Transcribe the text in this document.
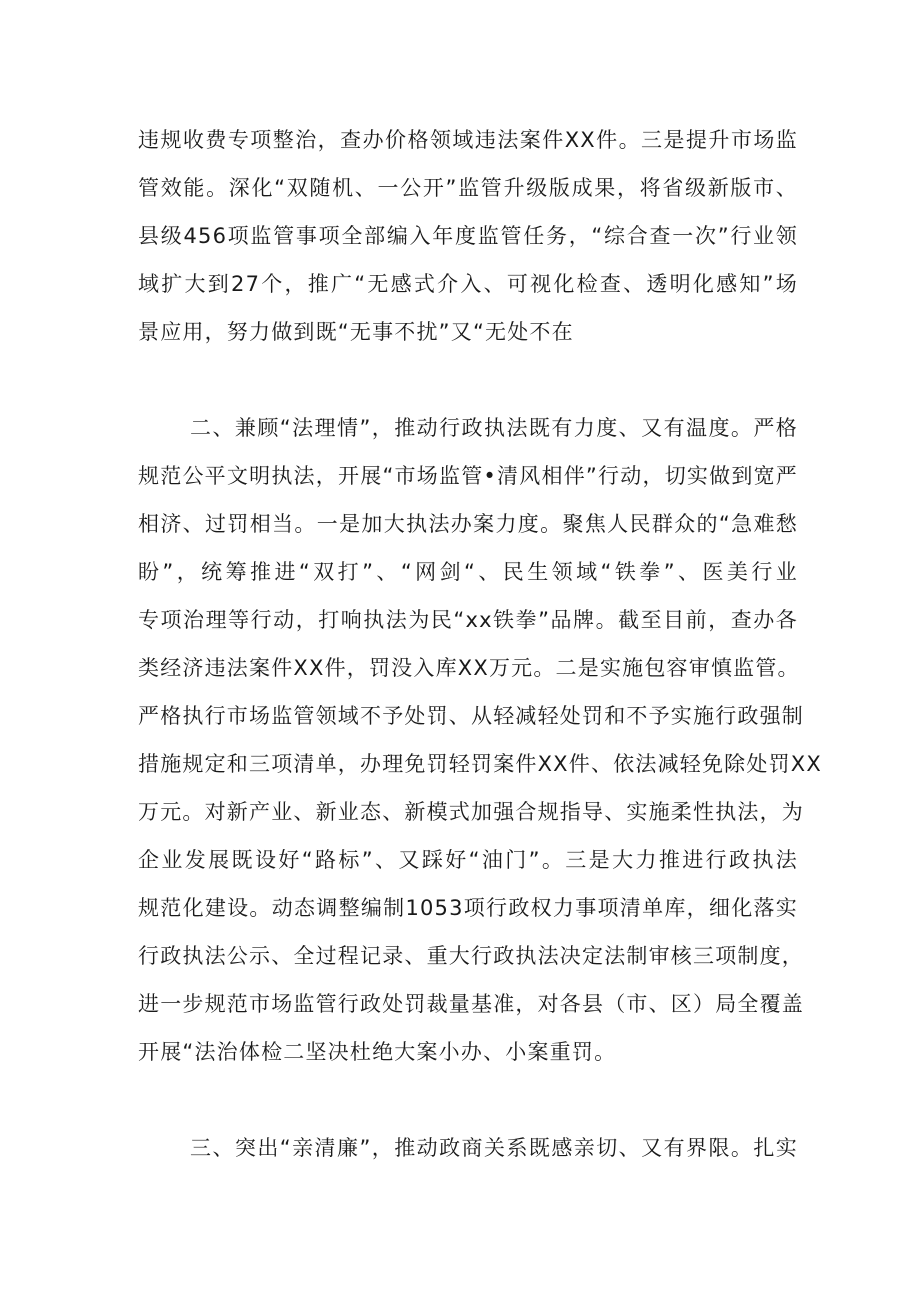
违规收费专项整治，查办价格领域违法案件XX件。三是提升市场监
管效能。深化“双随机、一公开”监管升级版成果，将省级新版市、
县级456项监管事项全部编入年度监管任务，“综合查一次”行业领
域扩大到27个，推广“无感式介入、可视化检查、透明化感知”场
景应用，努力做到既“无事不扰”又“无处不在
二、兼顾“法理情”，推动行政执法既有力度、又有温度。严格
规范公平文明执法，开展“市场监管•清风相伴”行动，切实做到宽严
相济、过罚相当。一是加大执法办案力度。聚焦人民群众的“急难愁
盼”，统筹推进“双打”、“网剑“、民生领域“铁拳”、医美行业
专项治理等行动，打响执法为民“xx铁拳”品牌。截至目前，查办各
类经济违法案件XX件，罚没入库XX万元。二是实施包容审慎监管。
严格执行市场监管领域不予处罚、从轻减轻处罚和不予实施行政强制
措施规定和三项清单，办理免罚轻罚案件XX件、依法减轻免除处罚XX
万元。对新产业、新业态、新模式加强合规指导、实施柔性执法，为
企业发展既设好“路标”、又踩好“油门”。三是大力推进行政执法
规范化建设。动态调整编制1053项行政权力事项清单库，细化落实
行政执法公示、全过程记录、重大行政执法决定法制审核三项制度，
进一步规范市场监管行政处罚裁量基准，对各县（市、区）局全覆盖
开展“法治体检二坚决杜绝大案小办、小案重罚。
三、突出“亲清廉”，推动政商关系既感亲切、又有界限。扎实
